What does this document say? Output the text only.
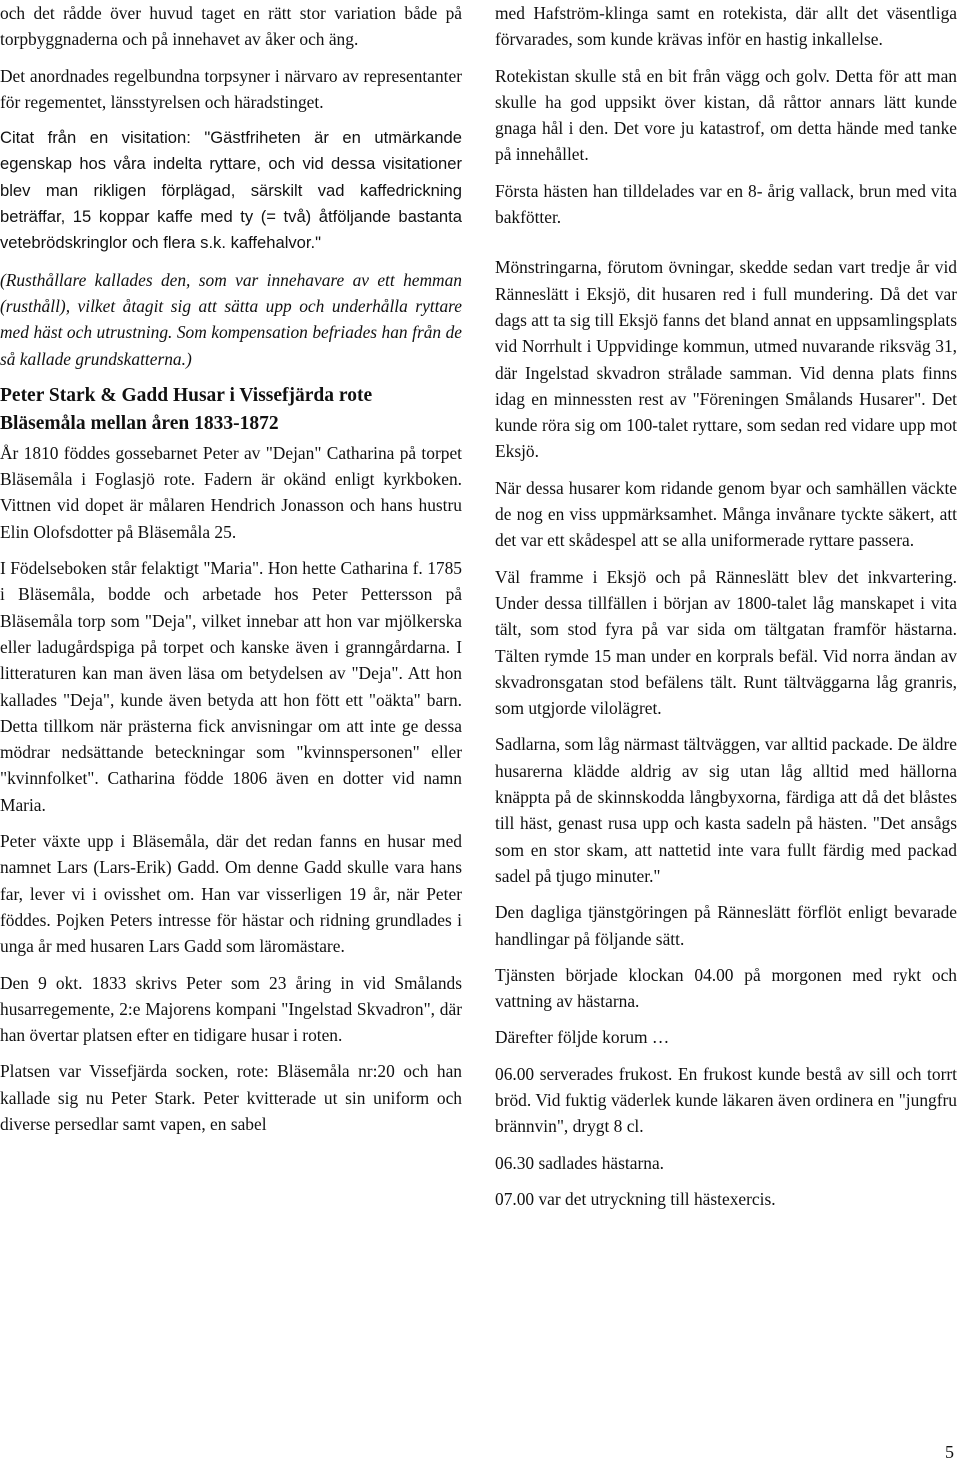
och det rådde över huvud taget en rätt stor variation både på torpbyggnaderna och på innehavet av åker och äng.

Det anordnades regelbundna torpsyner i närvaro av representanter för regementet, länsstyrelsen och häradstinget.

Citat från en visitation: "Gästfriheten är en utmärkande egenskap hos våra indelta ryttare, och vid dessa visitationer blev man rikligen förplägad, särskilt vad kaffedrickning beträffar, 15 koppar kaffe med ty (= två) åtföljande bastanta vetebrödskringlor och flera s.k. kaffehalvor."

(Rusthållare kallades den, som var innehavare av ett hemman (rusthåll), vilket åtagit sig att sätta upp och underhålla ryttare med häst och utrustning. Som kompensation befriades han från de så kallade grundskatterna.)

Peter Stark & Gadd Husar i Vissefjärda rote Bläsemåla mellan åren 1833-1872

År 1810 föddes gossebarnet Peter av "Dejan" Catharina på torpet Bläsemåla i Foglasjö rote. Fadern är okänd enligt kyrkboken. Vittnen vid dopet är målaren Hendrich Jonasson och hans hustru Elin Olofsdotter på Bläsemåla 25.

I Födelseboken står felaktigt "Maria". Hon hette Catharina f. 1785 i Bläsemåla, bodde och arbetade hos Peter Pettersson på Bläsemåla torp som "Deja", vilket innebar att hon var mjölkerska eller ladugårdspiga på torpet och kanske även i granngårdarna. I litteraturen kan man även läsa om betydelsen av "Deja". Att hon kallades "Deja", kunde även betyda att hon fött ett "oäkta" barn. Detta tillkom när prästerna fick anvisningar om att inte ge dessa mödrar nedsättande beteckningar som "kvinnspersonen" eller "kvinnfolket". Catharina födde 1806 även en dotter vid namn Maria.

Peter växte upp i Bläsemåla, där det redan fanns en husar med namnet Lars (Lars-Erik) Gadd. Om denne Gadd skulle vara hans far, lever vi i ovisshet om. Han var visserligen 19 år, när Peter föddes. Pojken Peters intresse för hästar och ridning grundlades i unga år med husaren Lars Gadd som läromästare.

Den 9 okt. 1833 skrivs Peter som 23 åring in vid Smålands husarregemente, 2:e Majorens kompani "Ingelstad Skvadron", där han övertar platsen efter en tidigare husar i roten.

Platsen var Vissefjärda socken, rote: Bläsemåla nr:20 och han kallade sig nu Peter Stark. Peter kvitterade ut sin uniform och diverse persedlar samt vapen, en sabel

med Hafström-klinga samt en rotekista, där allt det väsentliga förvarades, som kunde krävas inför en hastig inkallelse.

Rotekistan skulle stå en bit från vägg och golv. Detta för att man skulle ha god uppsikt över kistan, då råttor annars lätt kunde gnaga hål i den. Det vore ju katastrof, om detta hände med tanke på innehållet.

Första hästen han tilldelades var en 8- årig vallack, brun med vita bakfötter.

Mönstringarna, förutom övningar, skedde sedan vart tredje år vid Ränneslätt i Eksjö, dit husaren red i full mundering. Då det var dags att ta sig till Eksjö fanns det bland annat en uppsamlingsplats vid Norrhult i Uppvidinge kommun, utmed nuvarande riksväg 31, där Ingelstad skvadron strålade samman. Vid denna plats finns idag en minnessten rest av "Föreningen Smålands Husarer". Det kunde röra sig om 100-talet ryttare, som sedan red vidare upp mot Eksjö.

När dessa husarer kom ridande genom byar och samhällen väckte de nog en viss uppmärksamhet. Många invånare tyckte säkert, att det var ett skådespel att se alla uniformerade ryttare passera.

Väl framme i Eksjö och på Ränneslätt blev det inkvartering. Under dessa tillfällen i början av 1800-talet låg manskapet i vita tält, som stod fyra på var sida om tältgatan framför hästarna. Tälten rymde 15 man under en korprals befäl. Vid norra ändan av skvadronsgatan stod befälens tält. Runt tältväggarna låg granris, som utgjorde vilolägret.

Sadlarna, som låg närmast tältväggen, var alltid packade. De äldre husarerna klädde aldrig av sig utan låg alltid med hällorna knäppta på de skinnskodda långbyxorna, färdiga att då det blåstes till häst, genast rusa upp och kasta sadeln på hästen. "Det ansågs som en stor skam, att nattetid inte vara fullt färdig med packad sadel på tjugo minuter."

Den dagliga tjänstgöringen på Ränneslätt förflöt enligt bevarade handlingar på följande sätt.

Tjänsten började klockan 04.00 på morgonen med rykt och vattning av hästarna.

Därefter följde korum …

06.00 serverades frukost. En frukost kunde bestå av sill och torrt bröd. Vid fuktig väderlek kunde läkaren även ordinera en "jungfru brännvin", drygt 8 cl.

06.30 sadlades hästarna.

07.00 var det utryckning till hästexercis.

5
